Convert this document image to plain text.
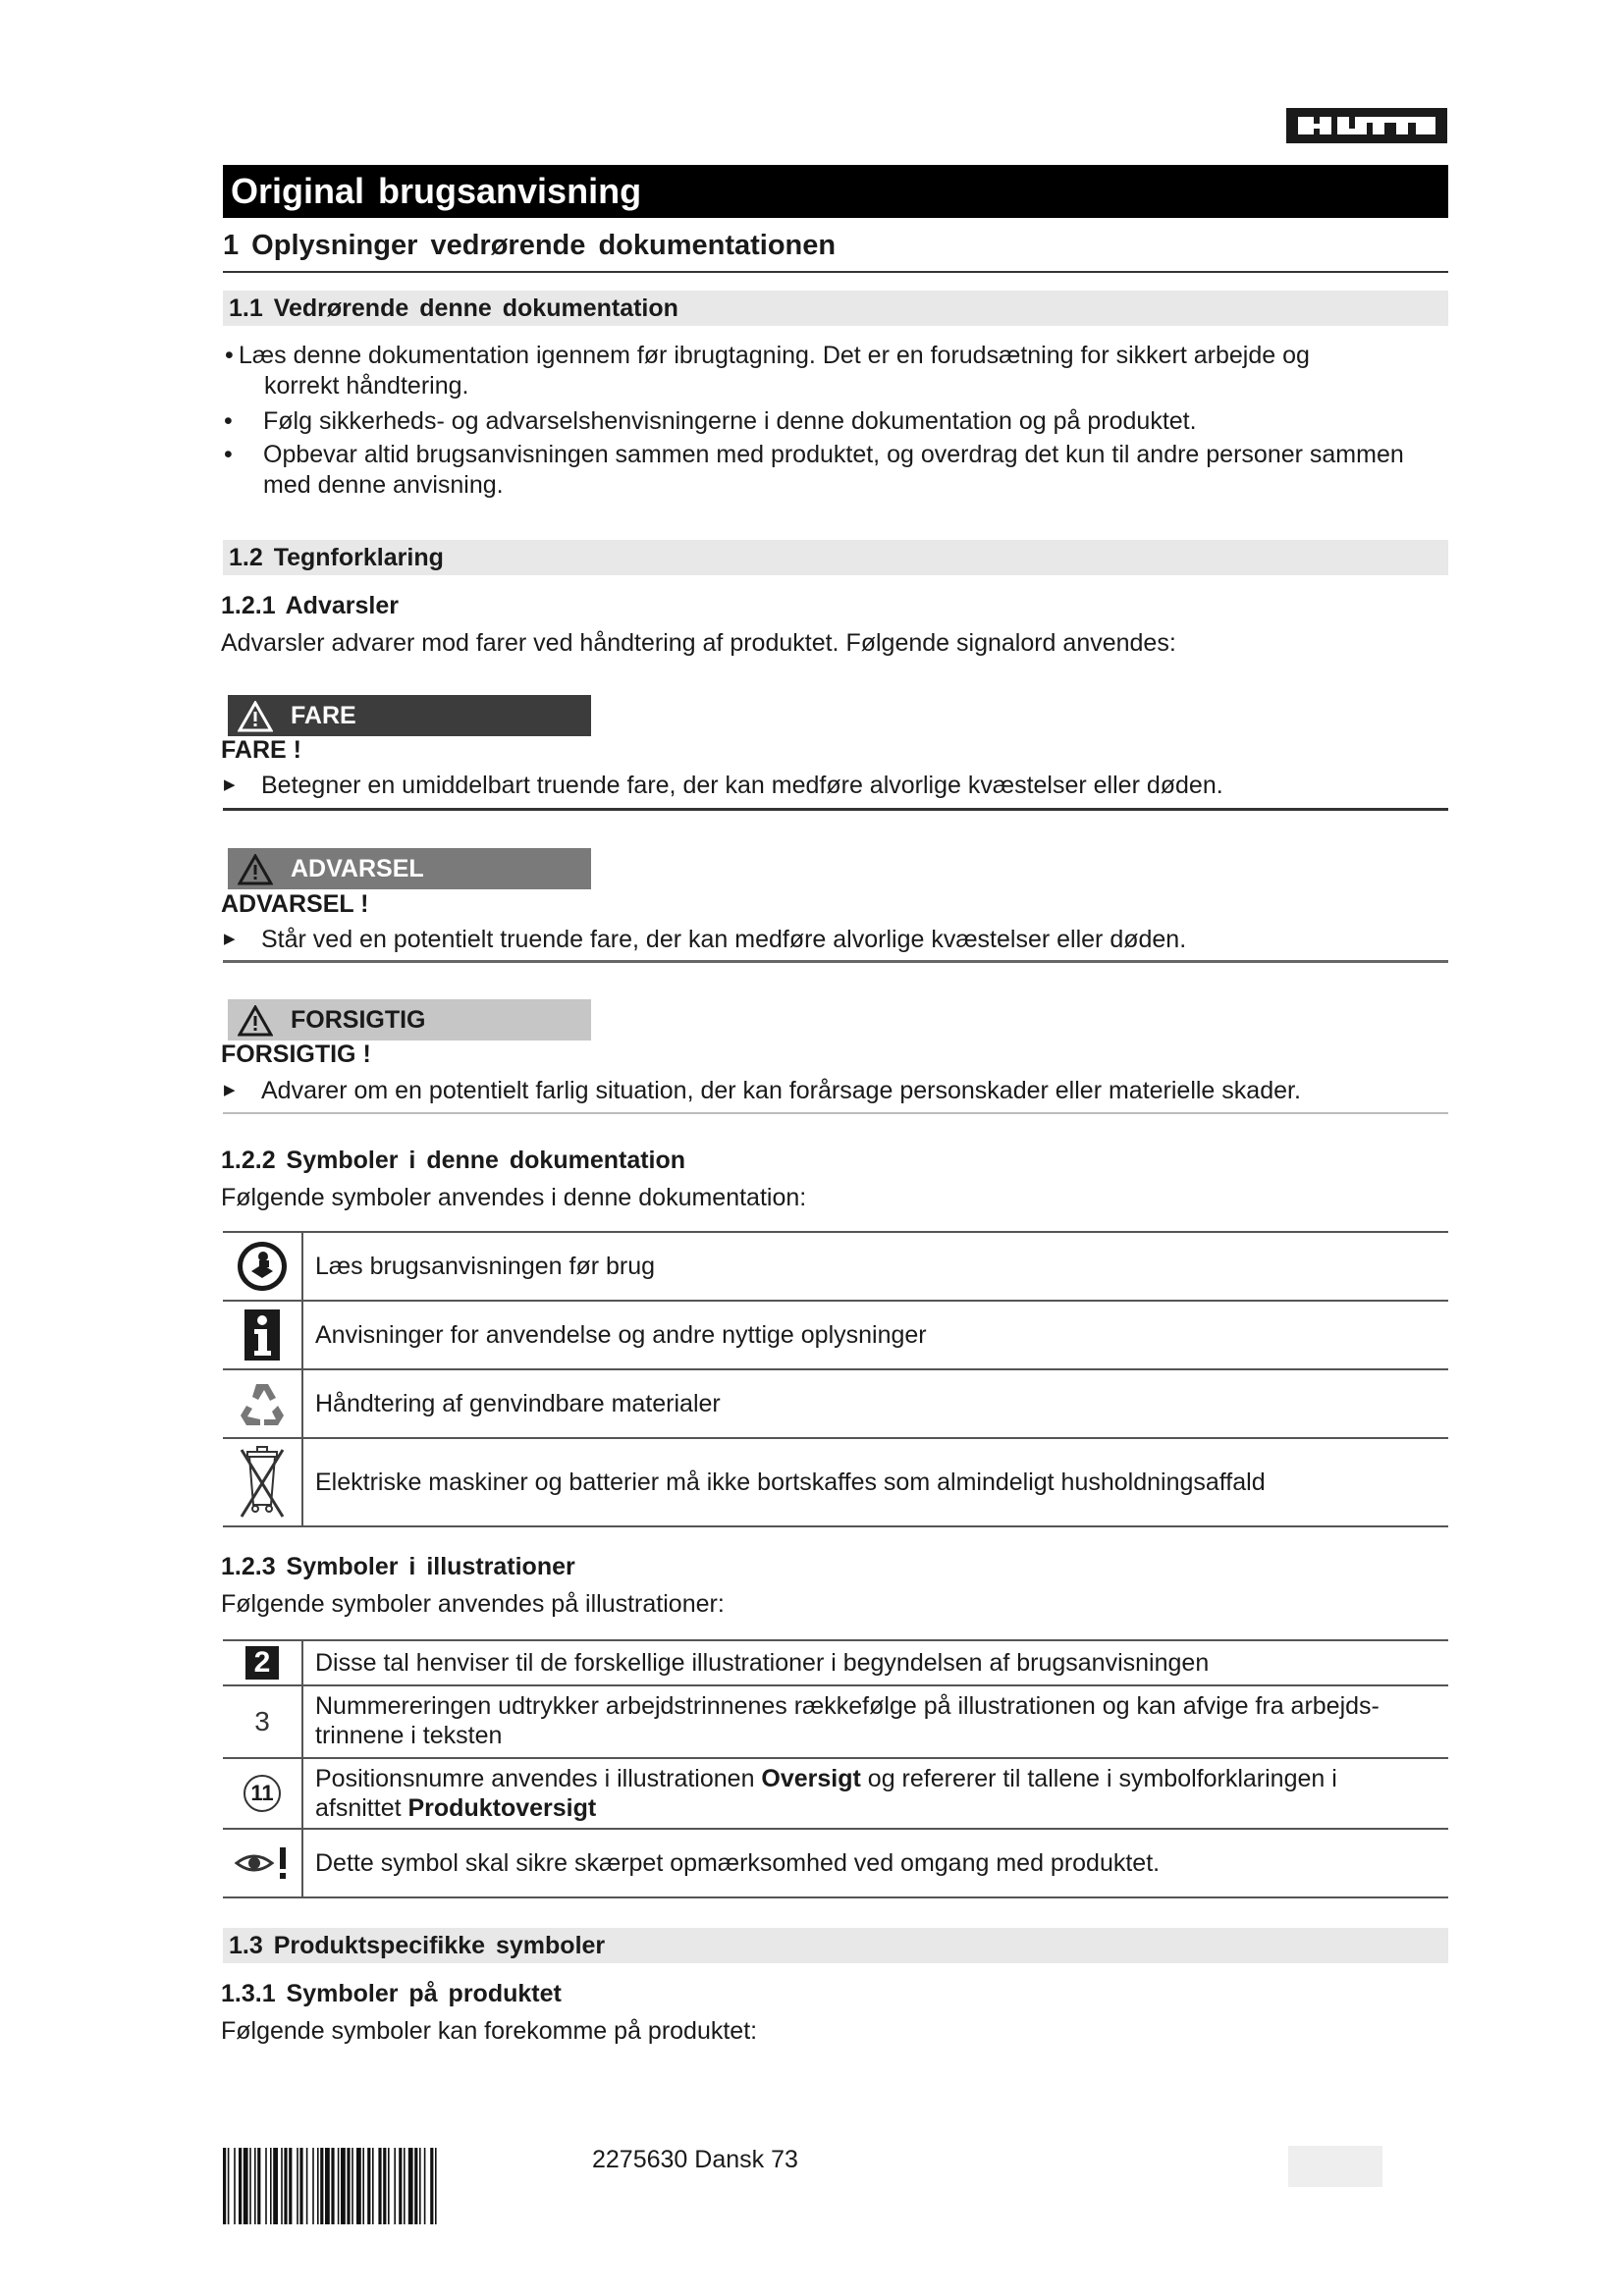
Original brugsanvisning
1 Oplysninger vedrørende dokumentationen
1.1 Vedrørende denne dokumentation
• Læs denne dokumentation igennem før ibrugtagning. Det er en forudsætning for sikkert arbejde og
korrekt håndtering.
• Følg sikkerheds- og advarselshenvisningerne i denne dokumentation og på produktet.
• Opbevar altid brugsanvisningen sammen med produktet, og overdrag det kun til andre personer sammen
med denne anvisning.
1.2 Tegnforklaring
1.2.1 Advarsler
Advarsler advarer mod farer ved håndtering af produktet. Følgende signalord anvendes:
FARE
FARE !
▶ Betegner en umiddelbart truende fare, der kan medføre alvorlige kvæstelser eller døden.
ADVARSEL
ADVARSEL !
▶ Står ved en potentielt truende fare, der kan medføre alvorlige kvæstelser eller døden.
FORSIGTIG
FORSIGTIG !
▶ Advarer om en potentielt farlig situation, der kan forårsage personskader eller materielle skader.
1.2.2 Symboler i denne dokumentation
Følgende symboler anvendes i denne dokumentation:
Læs brugsanvisningen før brug
Anvisninger for anvendelse og andre nyttige oplysninger
Håndtering af genvindbare materialer
Elektriske maskiner og batterier må ikke bortskaffes som almindeligt husholdningsaffald
1.2.3 Symboler i illustrationer
Følgende symboler anvendes på illustrationer:
2	Disse tal henviser til de forskellige illustrationer i begyndelsen af brugsanvisningen
3 Nummereringen udtrykker arbejdstrinnenes rækkefølge på illustrationen og kan afvige fra arbejds-
trinnene i teksten
11
Positionsnumre anvendes i illustrationen Oversigt og refererer til tallene i symbolforklaringen i
afsnittet Produktoversigt
Dette symbol skal sikre skærpet opmærksomhed ved omgang med produktet.
1.3 Produktspecifikke symboler
1.3.1 Symboler på produktet
Følgende symboler kan forekomme på produktet:
2275630 Dansk 73
